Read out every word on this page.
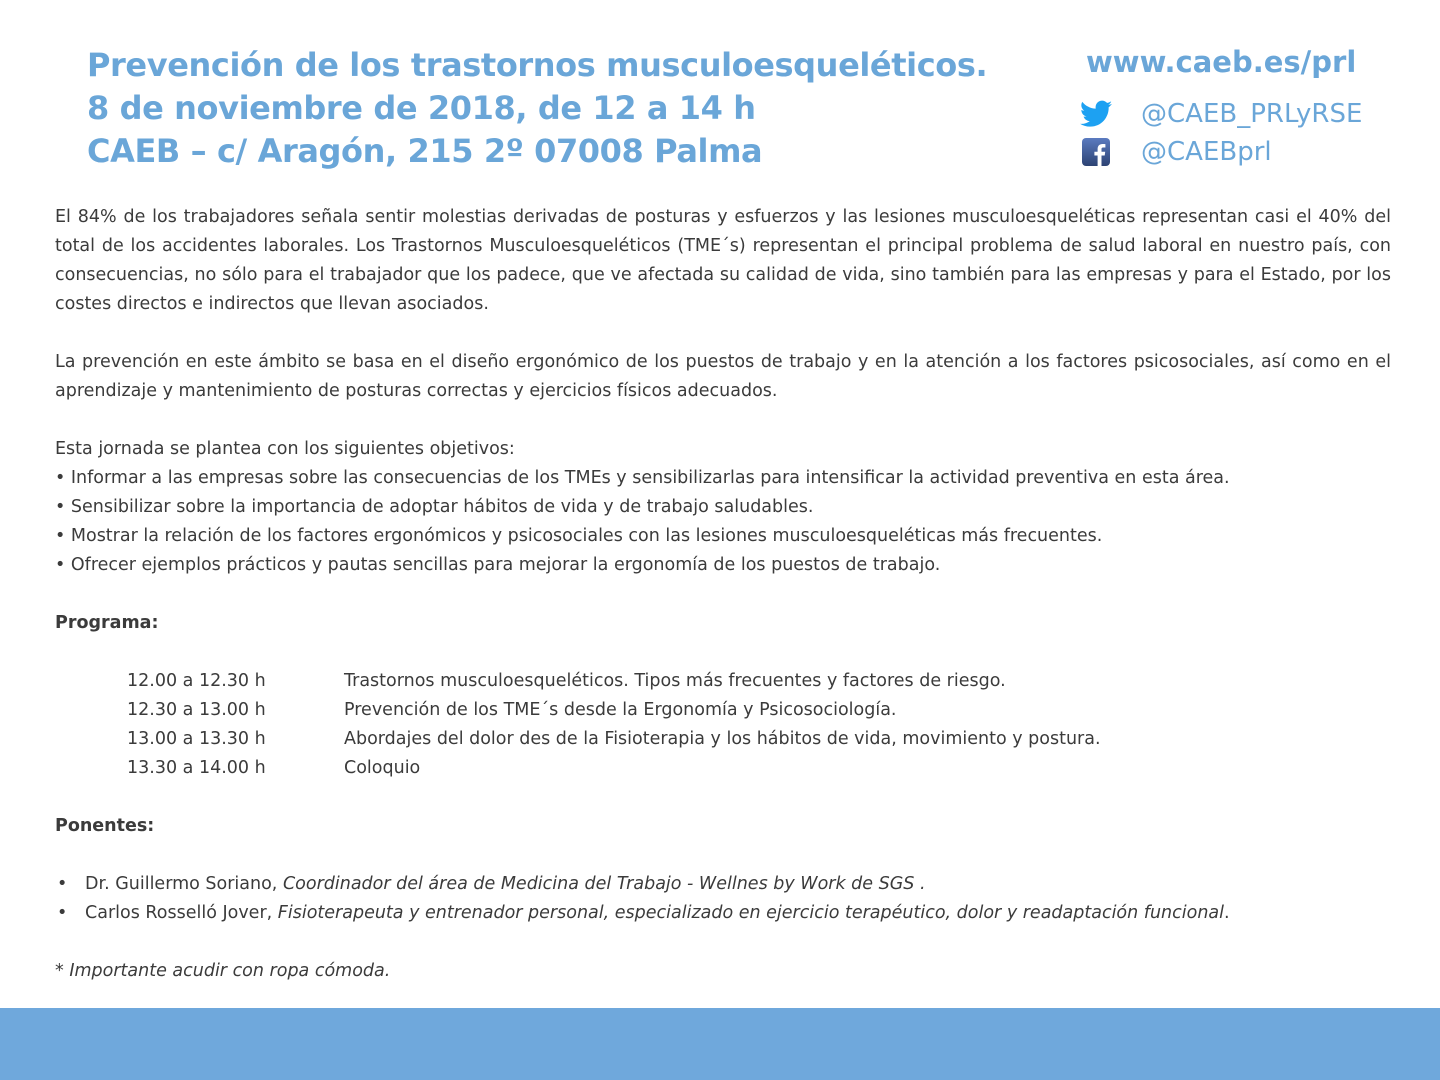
Prevención de los trastornos musculoesqueléticos.
8 de noviembre de 2018, de 12 a 14 h
CAEB – c/ Aragón, 215 2º 07008 Palma
www.caeb.es/prl
@CAEB_PRLyRSE
@CAEBprl

El 84% de los trabajadores señala sentir molestias derivadas de posturas y esfuerzos y las lesiones musculoesqueléticas representan casi el 40% del total de los accidentes laborales. Los Trastornos Musculoesqueléticos (TME´s) representan el principal problema de salud laboral en nuestro país, con consecuencias, no sólo para el trabajador que los padece, que ve afectada su calidad de vida, sino también para las empresas y para el Estado, por los costes directos e indirectos que llevan asociados.

La prevención en este ámbito se basa en el diseño ergonómico de los puestos de trabajo y en la atención a los factores psicosociales, así como en el aprendizaje y mantenimiento de posturas correctas y ejercicios físicos adecuados.

Esta jornada se plantea con los siguientes objetivos:
• Informar a las empresas sobre las consecuencias de los TMEs y sensibilizarlas para intensificar la actividad preventiva en esta área.
• Sensibilizar sobre la importancia de adoptar hábitos de vida y de trabajo saludables.
• Mostrar la relación de los factores ergonómicos y psicosociales con las lesiones musculoesqueléticas más frecuentes.
• Ofrecer ejemplos prácticos y pautas sencillas para mejorar la ergonomía de los puestos de trabajo.
Programa:
12.00 a 12.30 h	Trastornos musculoesqueléticos. Tipos más frecuentes y factores de riesgo.
12.30 a 13.00 h	Prevención de los TME´s desde la Ergonomía y Psicosociología.
13.00 a 13.30 h	Abordajes del dolor des de la Fisioterapia y los hábitos de vida, movimiento y postura.
13.30 a 14.00 h	Coloquio
Ponentes:
•	Dr. Guillermo Soriano,
Coordinador del área de Medicina del Trabajo - Wellnes by Work de SGS .
•	Carlos Rosselló Jover,
Fisioterapeuta y entrenador personal, especializado en ejercicio terapéutico, dolor y readaptación funcional .
* Importante acudir con ropa cómoda.
